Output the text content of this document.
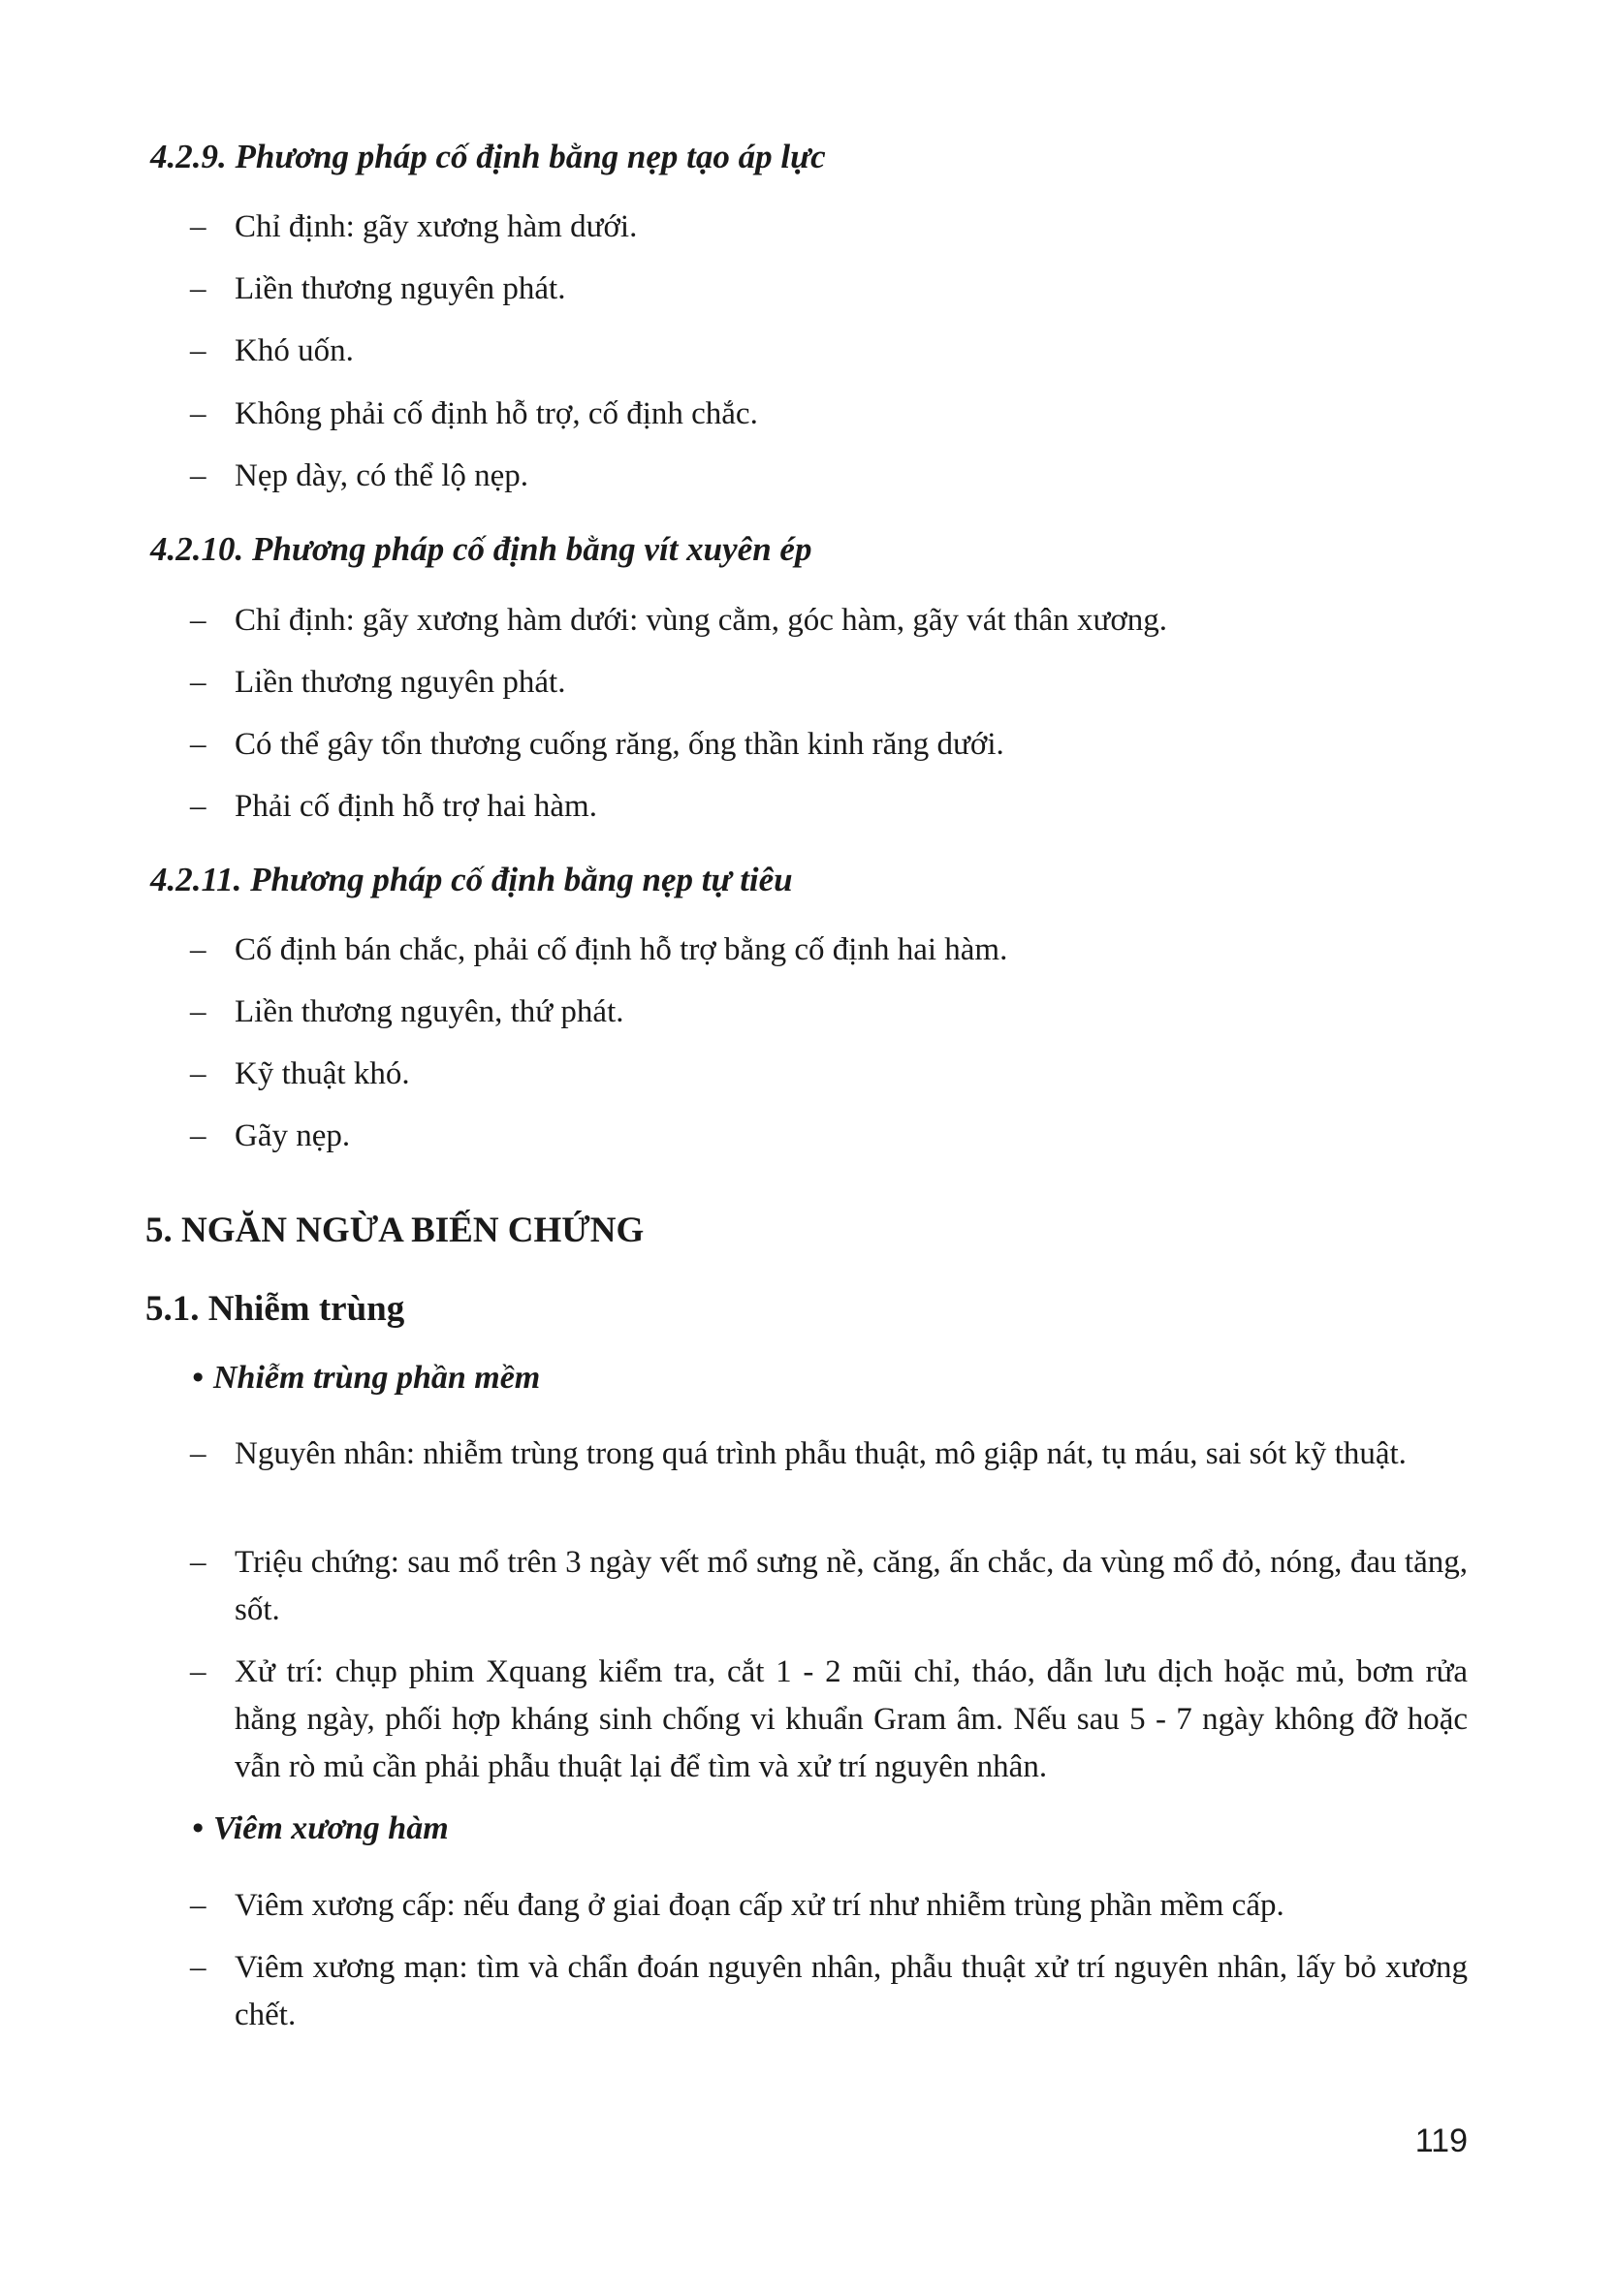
4.2.9. Phương pháp cố định bằng nẹp tạo áp lực
– Chỉ định: gãy xương hàm dưới.
– Liền thương nguyên phát.
– Khó uốn.
– Không phải cố định hỗ trợ, cố định chắc.
– Nẹp dày, có thể lộ nẹp.
4.2.10. Phương pháp cố định bằng vít xuyên ép
– Chỉ định: gãy xương hàm dưới: vùng cằm, góc hàm, gãy vát thân xương.
– Liền thương nguyên phát.
– Có thể gây tổn thương cuống răng, ống thần kinh răng dưới.
– Phải cố định hỗ trợ hai hàm.
4.2.11. Phương pháp cố định bằng nẹp tự tiêu
– Cố định bán chắc, phải cố định hỗ trợ bằng cố định hai hàm.
– Liền thương nguyên, thứ phát.
– Kỹ thuật khó.
– Gãy nẹp.
5. NGĂN NGỪA BIẾN CHỨNG
5.1. Nhiễm trùng

• Nhiễm trùng phần mềm

– Nguyên nhân: nhiễm trùng trong quá trình phẫu thuật, mô giập nát, tụ máu, sai sót kỹ thuật.
– Triệu chứng: sau mổ trên 3 ngày vết mổ sưng nề, căng, ấn chắc, da vùng mổ đỏ, nóng, đau tăng, sốt.
– Xử trí: chụp phim Xquang kiểm tra, cắt 1 - 2 mũi chỉ, tháo, dẫn lưu dịch hoặc mủ, bơm rửa hằng ngày, phối hợp kháng sinh chống vi khuẩn Gram âm. Nếu sau 5 - 7 ngày không đỡ hoặc vẫn rò mủ cần phải phẫu thuật lại để tìm và xử trí nguyên nhân.

• Viêm xương hàm

– Viêm xương cấp: nếu đang ở giai đoạn cấp xử trí như nhiễm trùng phần mềm cấp.
– Viêm xương mạn: tìm và chẩn đoán nguyên nhân, phẫu thuật xử trí nguyên nhân, lấy bỏ xương chết.
119
